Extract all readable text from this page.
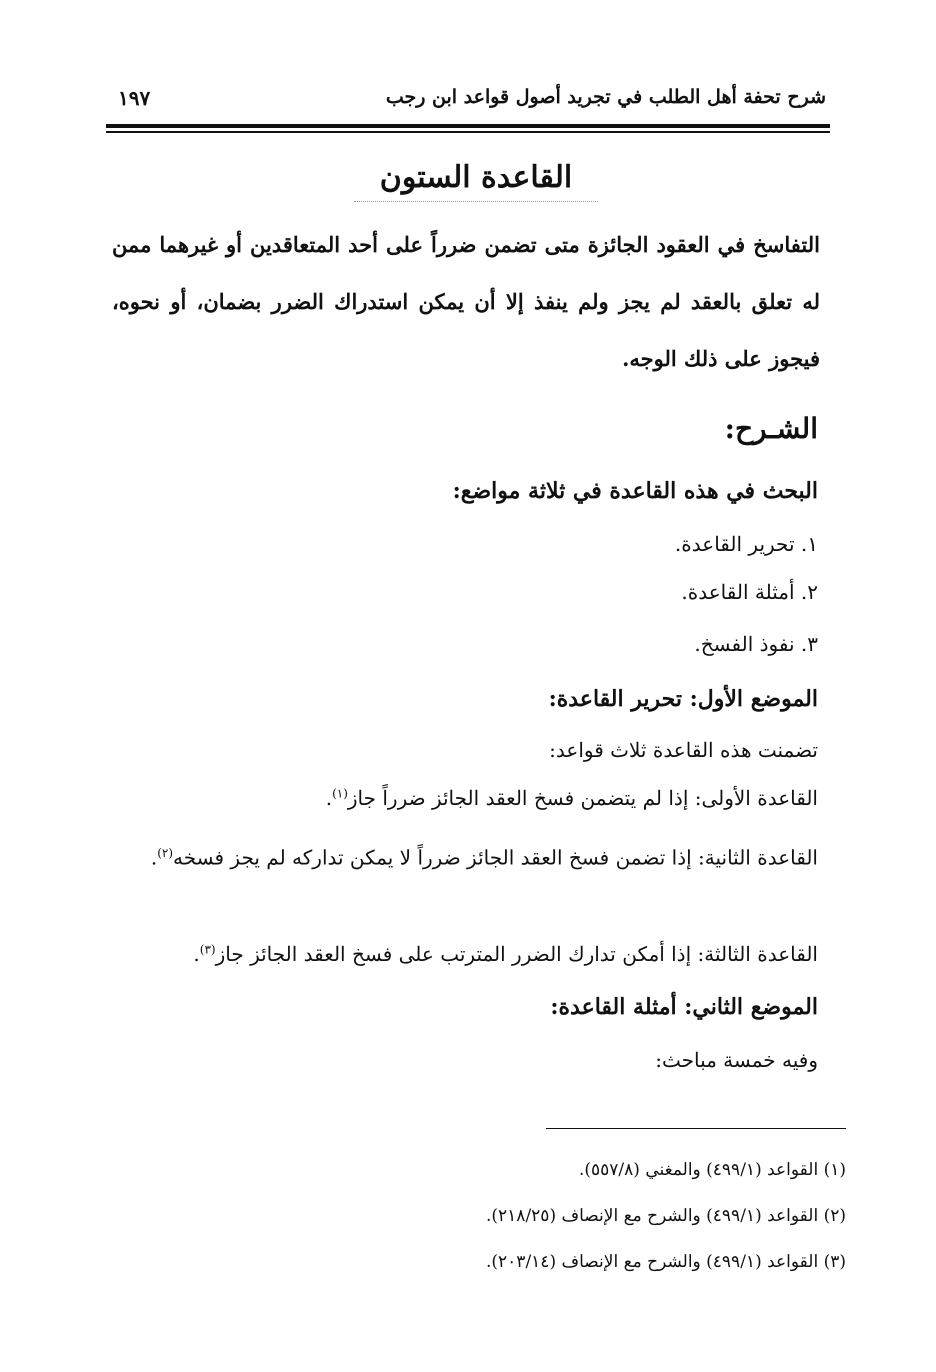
شرح تحفة أهل الطلب في تجريد أصول قواعد ابن رجب
١٩٧
القاعدة الستون
التفاسخ في العقود الجائزة متى تضمن ضرراً على أحد المتعاقدين أو غيرهما ممن له تعلق بالعقد لم يجز ولم ينفذ إلا أن يمكن استدراك الضرر بضمان، أو نحوه، فيجوز على ذلك الوجه.
الشـرح:
البحث في هذه القاعدة في ثلاثة مواضع:
١. تحرير القاعدة.
٢. أمثلة القاعدة.
٣. نفوذ الفسخ.
الموضع الأول: تحرير القاعدة:
تضمنت هذه القاعدة ثلاث قواعد:
القاعدة الأولى: إذا لم يتضمن فسخ العقد الجائز ضرراً جاز$^{(١)}$.
القاعدة الثانية: إذا تضمن فسخ العقد الجائز ضرراً لا يمكن تداركه لم يجز فسخه$^{(٢)}$.
القاعدة الثالثة: إذا أمكن تدارك الضرر المترتب على فسخ العقد الجائز جاز$^{(٣)}$.
الموضع الثاني: أمثلة القاعدة:
وفيه خمسة مباحث:
(١) القواعد (٤٩٩/١) والمغني (٥٥٧/٨).
(٢) القواعد (٤٩٩/١) والشرح مع الإنصاف (٢١٨/٢٥).
(٣) القواعد (٤٩٩/١) والشرح مع الإنصاف (٢٠٣/١٤).
